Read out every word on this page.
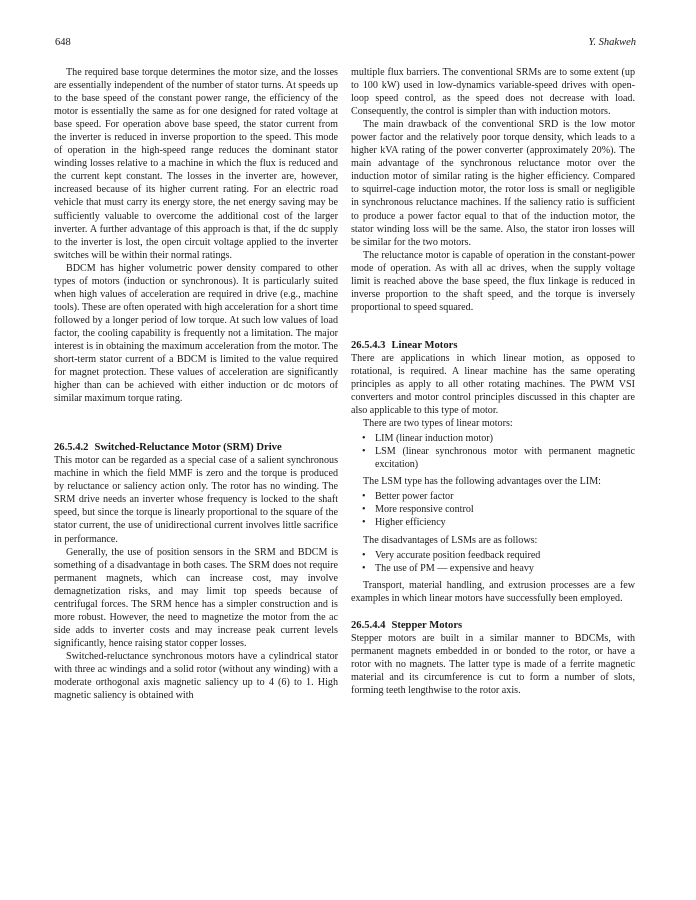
648	Y. Shakweh

The required base torque determines the motor size, and the losses are essentially independent of the number of stator turns. At speeds up to the base speed of the constant power range, the efficiency of the motor is essentially the same as for one designed for rated voltage at base speed. For operation above base speed, the stator current from the inverter is reduced in inverse proportion to the speed. This mode of operation in the high-speed range reduces the dominant stator winding losses relative to a machine in which the flux is reduced and the current kept constant. The losses in the inverter are, however, increased because of its higher current rating. For an electric road vehicle that must carry its energy store, the net energy saving may be sufficiently valuable to overcome the additional cost of the larger inverter. A further advantage of this approach is that, if the dc supply to the inverter is lost, the open circuit voltage applied to the inverter switches will be within their normal ratings.

BDCM has higher volumetric power density compared to other types of motors (induction or synchronous). It is particularly suited when high values of acceleration are required in drive (e.g., machine tools). These are often operated with high acceleration for a short time followed by a longer period of low torque. At such low values of load factor, the cooling capability is frequently not a limitation. The major interest is in obtaining the maximum acceleration from the motor. The short-term stator current of a BDCM is limited to the value required for magnet protection. These values of acceleration are significantly higher than can be achieved with either induction or dc motors of similar maximum torque rating.

26.5.4.2 Switched-Reluctance Motor (SRM) Drive

This motor can be regarded as a special case of a salient synchronous machine in which the field MMF is zero and the torque is produced by reluctance or saliency action only. The rotor has no winding. The SRM drive needs an inverter whose frequency is locked to the shaft speed, but since the torque is linearly proportional to the square of the stator current, the use of unidirectional current involves little sacrifice in performance.

Generally, the use of position sensors in the SRM and BDCM is something of a disadvantage in both cases. The SRM does not require permanent magnets, which can increase cost, may involve demagnetization risks, and may limit top speeds because of centrifugal forces. The SRM hence has a simpler construction and is more robust. However, the need to magnetize the motor from the ac side adds to inverter costs and may increase peak current levels significantly, hence raising stator copper losses.

Switched-reluctance synchronous motors have a cylindrical stator with three ac windings and a solid rotor (without any winding) with a moderate orthogonal axis magnetic saliency up to 4 (6) to 1. High magnetic saliency is obtained with

multiple flux barriers. The conventional SRMs are to some extent (up to 100 kW) used in low-dynamics variable-speed drives with open-loop speed control, as the speed does not decrease with load. Consequently, the control is simpler than with induction motors.

The main drawback of the conventional SRD is the low motor power factor and the relatively poor torque density, which leads to a higher kVA rating of the power converter (approximately 20%). The main advantage of the synchronous reluctance motor over the induction motor of similar rating is the higher efficiency. Compared to squirrel-cage induction motor, the rotor loss is small or negligible in synchronous reluctance machines. If the saliency ratio is sufficient to produce a power factor equal to that of the induction motor, the stator winding loss will be the same. Also, the stator iron losses will be similar for the two motors.

The reluctance motor is capable of operation in the constant-power mode of operation. As with all ac drives, when the supply voltage limit is reached above the base speed, the flux linkage is reduced in inverse proportion to the shaft speed, and the torque is inversely proportional to speed squared.

26.5.4.3 Linear Motors

There are applications in which linear motion, as opposed to rotational, is required. A linear machine has the same operating principles as apply to all other rotating machines. The PWM VSI converters and motor control principles discussed in this chapter are also applicable to this type of motor.

There are two types of linear motors:

• LIM (linear induction motor)
• LSM (linear synchronous motor with permanent magnetic excitation)

The LSM type has the following advantages over the LIM:

• Better power factor
• More responsive control
• Higher efficiency

The disadvantages of LSMs are as follows:

• Very accurate position feedback required
• The use of PM — expensive and heavy

Transport, material handling, and extrusion processes are a few examples in which linear motors have successfully been employed.

26.5.4.4 Stepper Motors

Stepper motors are built in a similar manner to BDCMs, with permanent magnets embedded in or bonded to the rotor, or have a rotor with no magnets. The latter type is made of a ferrite magnetic material and its circumference is cut to form a number of slots, forming teeth lengthwise to the rotor axis.
